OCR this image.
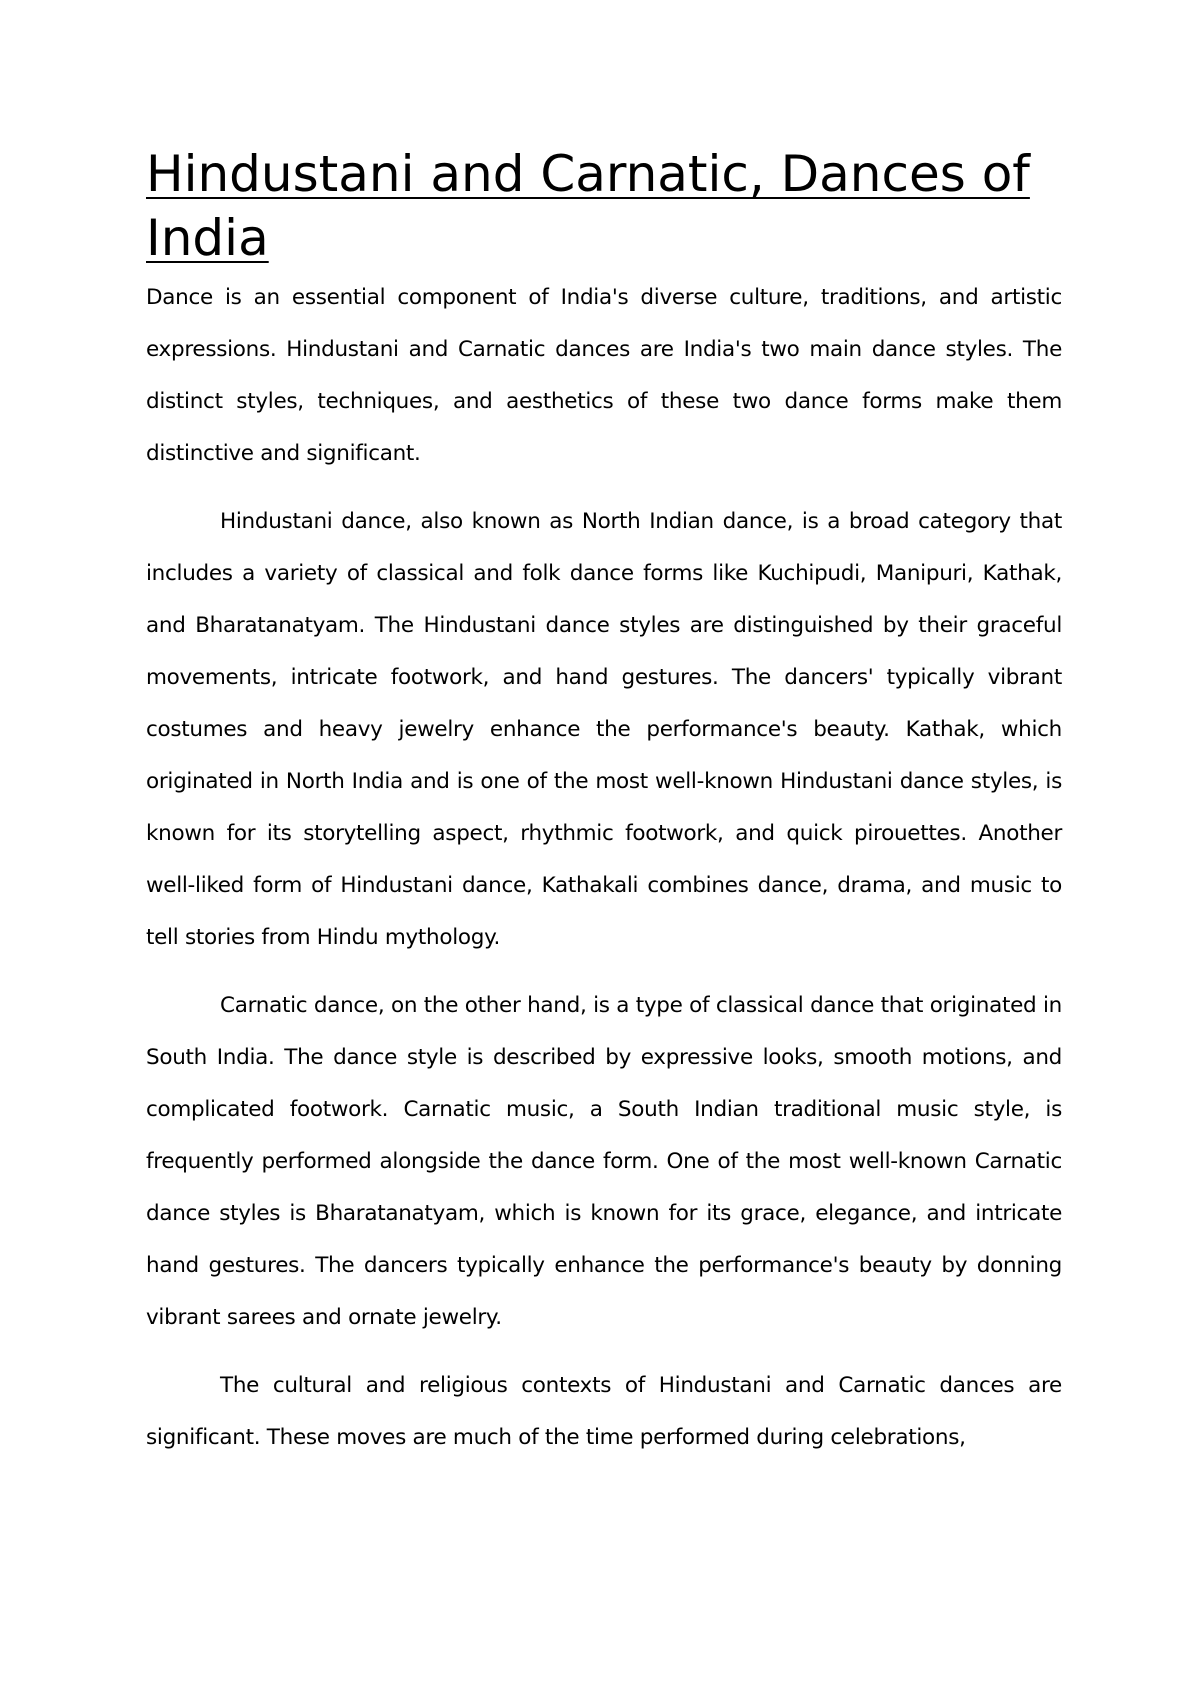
Hindustani and Carnatic, Dances of India

Dance is an essential component of India's diverse culture, traditions, and artistic expressions. Hindustani and Carnatic dances are India's two main dance styles. The distinct styles, techniques, and aesthetics of these two dance forms make them distinctive and significant.

Hindustani dance, also known as North Indian dance, is a broad category that includes a variety of classical and folk dance forms like Kuchipudi, Manipuri, Kathak, and Bharatanatyam. The Hindustani dance styles are distinguished by their graceful movements, intricate footwork, and hand gestures. The dancers' typically vibrant costumes and heavy jewelry enhance the performance's beauty. Kathak, which originated in North India and is one of the most well-known Hindustani dance styles, is known for its storytelling aspect, rhythmic footwork, and quick pirouettes. Another well-liked form of Hindustani dance, Kathakali combines dance, drama, and music to tell stories from Hindu mythology.

Carnatic dance, on the other hand, is a type of classical dance that originated in South India. The dance style is described by expressive looks, smooth motions, and complicated footwork. Carnatic music, a South Indian traditional music style, is frequently performed alongside the dance form. One of the most well-known Carnatic dance styles is Bharatanatyam, which is known for its grace, elegance, and intricate hand gestures. The dancers typically enhance the performance's beauty by donning vibrant sarees and ornate jewelry.

The cultural and religious contexts of Hindustani and Carnatic dances are significant. These moves are much of the time performed during celebrations,
